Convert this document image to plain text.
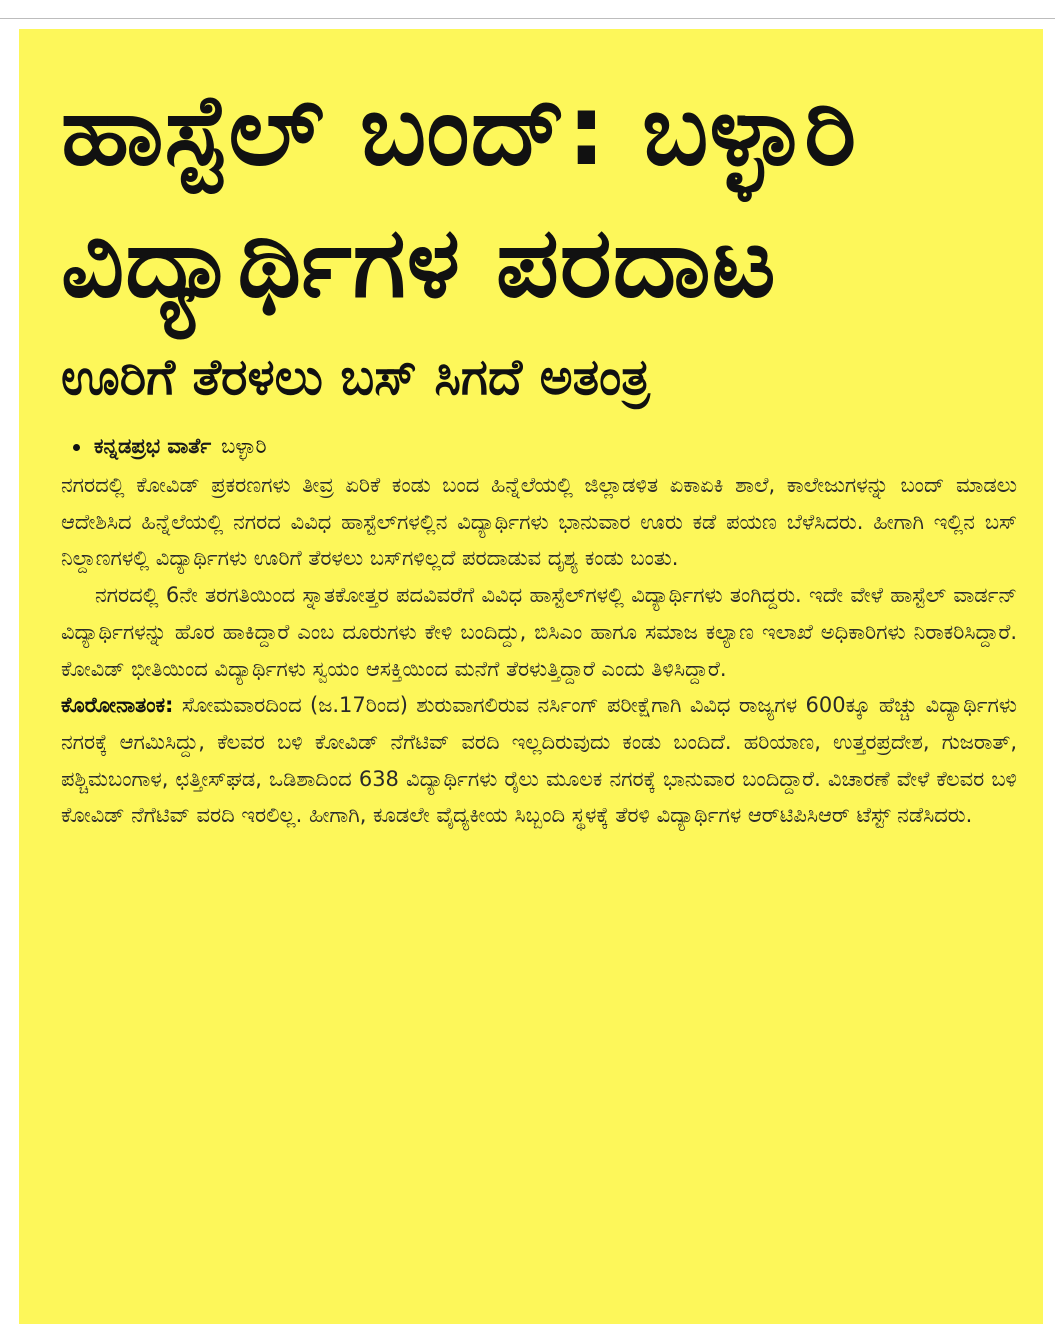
ಹಾಸ್ಟೆಲ್ ಬಂದ್: ಬಳ್ಳಾರಿ
ವಿದ್ಯಾರ್ಥಿಗಳ ಪರದಾಟ
ಊರಿಗೆ ತೆರಳಲು ಬಸ್ ಸಿಗದೆ ಅತಂತ್ರ
ಕನ್ನಡಪ್ರಭ ವಾರ್ತೆ ಬಳ್ಳಾರಿ

ನಗರದಲ್ಲಿ ಕೋವಿಡ್ ಪ್ರಕರಣಗಳು ತೀವ್ರ ಏರಿಕೆ ಕಂಡು ಬಂದ ಹಿನ್ನೆಲೆಯಲ್ಲಿ ಜಿಲ್ಲಾಡಳಿತ ಏಕಾಏಕಿ ಶಾಲೆ, ಕಾಲೇಜುಗಳನ್ನು ಬಂದ್ ಮಾಡಲು ಆದೇಶಿಸಿದ ಹಿನ್ನೆಲೆಯಲ್ಲಿ ನಗರದ ವಿವಿಧ ಹಾಸ್ಟೆಲ್‌ಗಳಲ್ಲಿನ ವಿದ್ಯಾರ್ಥಿಗಳು ಭಾನುವಾರ ಊರು ಕಡೆ ಪಯಣ ಬೆಳೆಸಿದರು. ಹೀಗಾಗಿ ಇಲ್ಲಿನ ಬಸ್ ನಿಲ್ದಾಣಗಳಲ್ಲಿ ವಿದ್ಯಾರ್ಥಿಗಳು ಊರಿಗೆ ತೆರಳಲು ಬಸ್‌ಗಳಿಲ್ಲದೆ ಪರದಾಡುವ ದೃಶ್ಯ ಕಂಡು ಬಂತು.

ನಗರದಲ್ಲಿ 6ನೇ ತರಗತಿಯಿಂದ ಸ್ನಾತಕೋತ್ತರ ಪದವಿವರೆಗೆ ವಿವಿಧ ಹಾಸ್ಟೆಲ್‌ಗಳಲ್ಲಿ ವಿದ್ಯಾರ್ಥಿಗಳು ತಂಗಿದ್ದರು. ಇದೇ ವೇಳೆ ಹಾಸ್ಟೆಲ್ ವಾರ್ಡನ್ ವಿದ್ಯಾರ್ಥಿಗಳನ್ನು ಹೊರ ಹಾಕಿದ್ದಾರೆ ಎಂಬ ದೂರುಗಳು ಕೇಳಿ ಬಂದಿದ್ದು, ಬಿಸಿಎಂ ಹಾಗೂ ಸಮಾಜ ಕಲ್ಯಾಣ ಇಲಾಖೆ ಅಧಿಕಾರಿಗಳು ನಿರಾಕರಿಸಿದ್ದಾರೆ. ಕೋವಿಡ್ ಭೀತಿಯಿಂದ ವಿದ್ಯಾರ್ಥಿಗಳು ಸ್ವಯಂ ಆಸಕ್ತಿಯಿಂದ ಮನೆಗೆ ತೆರಳುತ್ತಿದ್ದಾರೆ ಎಂದು ತಿಳಿಸಿದ್ದಾರೆ.

ಕೊರೋನಾತಂಕ: ಸೋಮವಾರದಿಂದ (ಜ.17ರಿಂದ) ಶುರುವಾಗಲಿರುವ ನರ್ಸಿಂಗ್ ಪರೀಕ್ಷೆಗಾಗಿ ವಿವಿಧ ರಾಜ್ಯಗಳ 600ಕ್ಕೂ ಹೆಚ್ಚು ವಿದ್ಯಾರ್ಥಿಗಳು ನಗರಕ್ಕೆ ಆಗಮಿಸಿದ್ದು, ಕೆಲವರ ಬಳಿ ಕೋವಿಡ್ ನೆಗೆಟಿವ್ ವರದಿ ಇಲ್ಲದಿರುವುದು ಕಂಡು ಬಂದಿದೆ. ಹರಿಯಾಣ, ಉತ್ತರಪ್ರದೇಶ, ಗುಜರಾತ್, ಪಶ್ಚಿಮಬಂಗಾಳ, ಛತ್ತೀಸ್‌ಘಡ, ಒಡಿಶಾದಿಂದ 638 ವಿದ್ಯಾರ್ಥಿಗಳು ರೈಲು ಮೂಲಕ ನಗರಕ್ಕೆ ಭಾನುವಾರ ಬಂದಿದ್ದಾರೆ. ವಿಚಾರಣೆ ವೇಳೆ ಕೆಲವರ ಬಳಿ ಕೋವಿಡ್ ನೆಗೆಟಿವ್ ವರದಿ ಇರಲಿಲ್ಲ. ಹೀಗಾಗಿ, ಕೂಡಲೇ ವೈದ್ಯಕೀಯ ಸಿಬ್ಬಂದಿ ಸ್ಥಳಕ್ಕೆ ತೆರಳಿ ವಿದ್ಯಾರ್ಥಿಗಳ ಆರ್‌ಟಿಪಿಸಿಆರ್ ಟೆಸ್ಟ್ ನಡೆಸಿದರು.
